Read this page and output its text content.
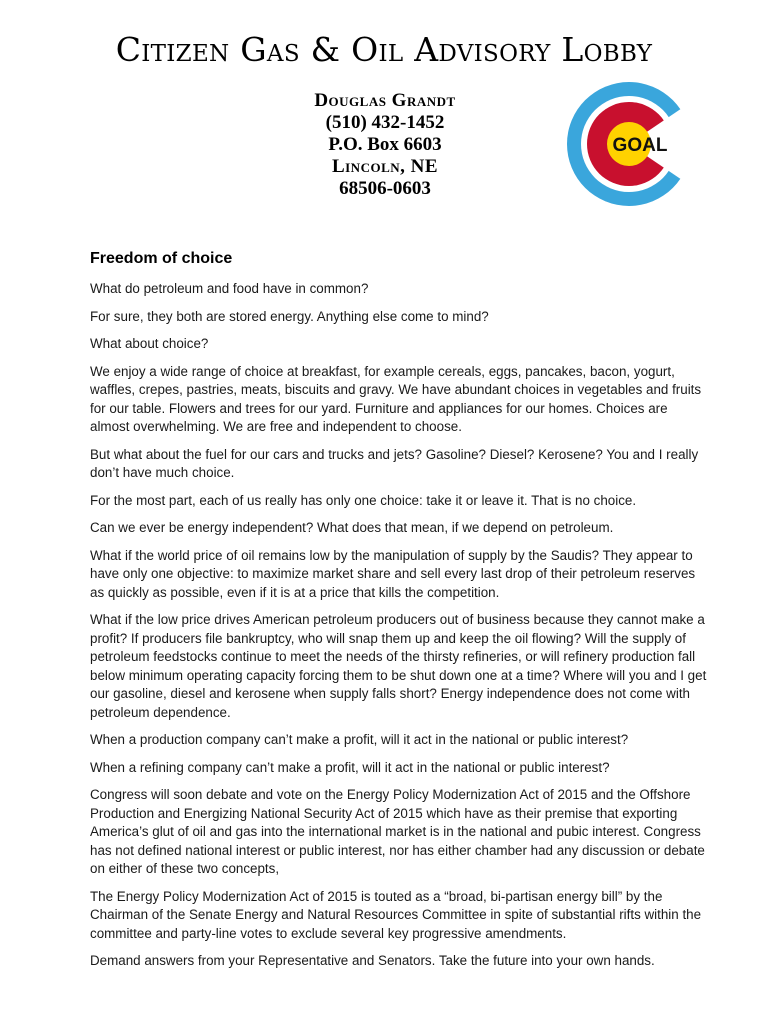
Citizen Gas & Oil Advisory Lobby
Douglas Grandt
(510) 432-1452
P.O. Box 6603
Lincoln, NE
68506-0603
GOAL
Freedom of choice

What do petroleum and food have in common?

For sure, they both are stored energy. Anything else come to mind?

What about choice?

We enjoy a wide range of choice at breakfast, for example cereals, eggs, pancakes, bacon, yogurt, waffles, crepes, pastries, meats, biscuits and gravy. We have abundant choices in vegetables and fruits for our table. Flowers and trees for our yard. Furniture and appliances for our homes. Choices are almost overwhelming. We are free and independent to choose.

But what about the fuel for our cars and trucks and jets? Gasoline? Diesel? Kerosene? You and I really don’t have much choice.

For the most part, each of us really has only one choice: take it or leave it. That is no choice.

Can we ever be energy independent? What does that mean, if we depend on petroleum.

What if the world price of oil remains low by the manipulation of supply by the Saudis? They appear to have only one objective: to maximize market share and sell every last drop of their petroleum reserves as quickly as possible, even if it is at a price that kills the competition.

What if the low price drives American petroleum producers out of business because they cannot make a profit? If producers file bankruptcy, who will snap them up and keep the oil flowing? Will the supply of petroleum feedstocks continue to meet the needs of the thirsty refineries, or will refinery production fall below minimum operating capacity forcing them to be shut down one at a time? Where will you and I get our gasoline, diesel and kerosene when supply falls short? Energy independence does not come with petroleum dependence.

When a production company can’t make a profit, will it act in the national or public interest?

When a refining company can’t make a profit, will it act in the national or public interest?

Congress will soon debate and vote on the Energy Policy Modernization Act of 2015 and the Offshore Production and Energizing National Security Act of 2015 which have as their premise that exporting America’s glut of oil and gas into the international market is in the national and pubic interest. Congress has not defined national interest or public interest, nor has either chamber had any discussion or debate on either of these two concepts,

The Energy Policy Modernization Act of 2015 is touted as a “broad, bi-partisan energy bill” by the Chairman of the Senate Energy and Natural Resources Committee in spite of substantial rifts within the committee and party-line votes to exclude several key progressive amendments.

Demand answers from your Representative and Senators. Take the future into your own hands.
